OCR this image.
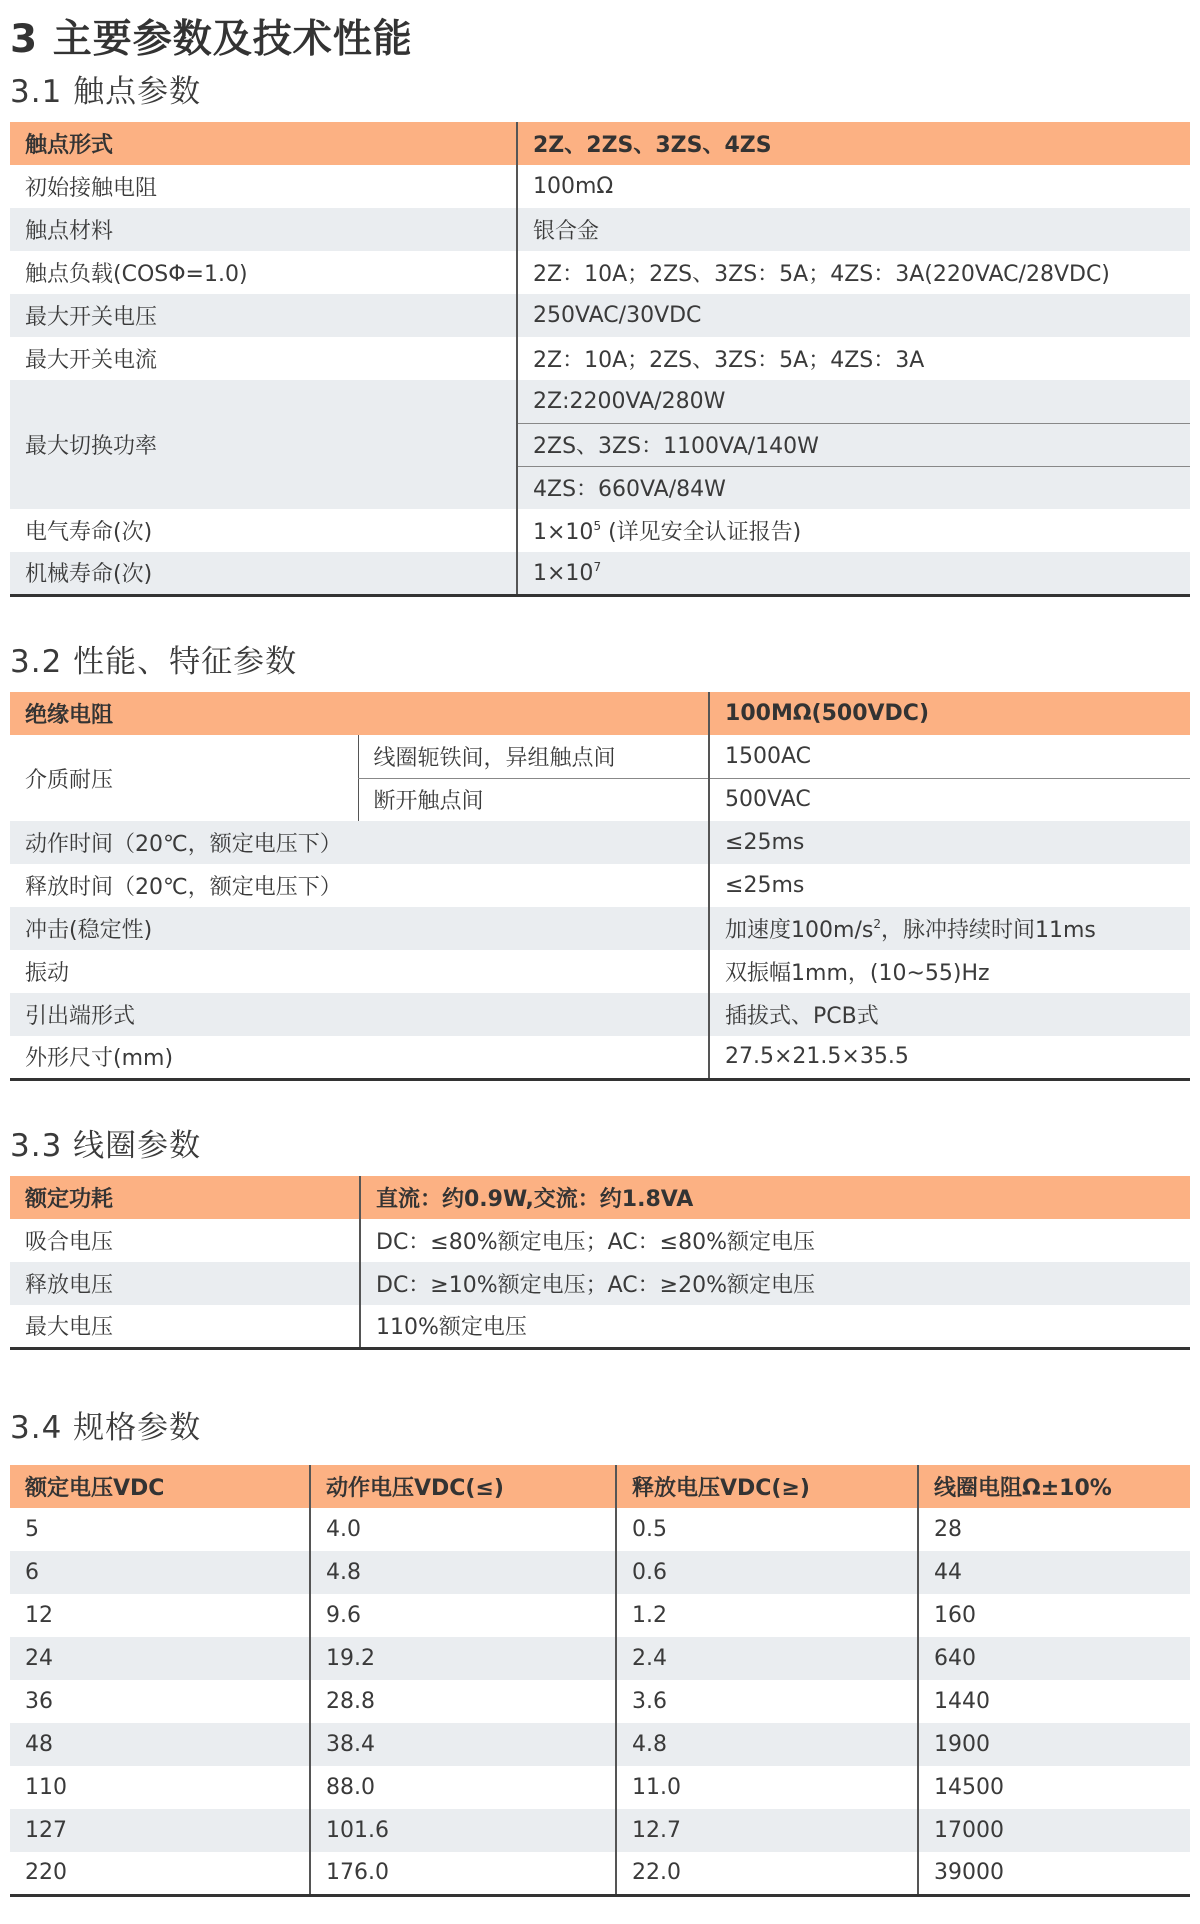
3 主要参数及技术性能
3.1 触点参数
触点形式	2Z、2ZS、3ZS、4ZS
初始接触电阻	100mΩ
触点材料	银合金
触点负载(COSΦ=1.0)	2Z：10A；2ZS、3ZS：5A；4ZS：3A(220VAC/28VDC)
最大开关电压	250VAC/30VDC
最大开关电流	2Z：10A；2ZS、3ZS：5A；4ZS：3A
最大切换功率	2Z:2200VA/280W
	2ZS、3ZS：1100VA/140W
	4ZS：660VA/84W
电气寿命(次)	$1\times 10^5$ (详见安全认证报告)
机械寿命(次)	$1\times 10^7$
3.2 性能、特征参数
绝缘电阻		100MΩ(500VDC)
介质耐压	线圈轭铁间，异组触点间	1500AC
	断开触点间	500VAC
动作时间（20℃，额定电压下）		≤25ms
释放时间（20℃，额定电压下）		≤25ms
冲击(稳定性)		加速度$100m/s^2$，脉冲持续时间11ms
振动		双振幅1mm，(10~55)Hz
引出端形式		插拔式、PCB式
外形尺寸(mm)		27.5×21.5×35.5
3.3 线圈参数
额定功耗	直流：约0.9W,交流：约1.8VA
吸合电压	DC：≤80%额定电压；AC：≤80%额定电压
释放电压	DC：≥10%额定电压；AC：≥20%额定电压
最大电压	110%额定电压
3.4 规格参数
额定电压VDC	动作电压VDC(≤)	释放电压VDC(≥)	线圈电阻Ω±10%
5	4.0	0.5	28
6	4.8	0.6	44
12	9.6	1.2	160
24	19.2	2.4	640
36	28.8	3.6	1440
48	38.4	4.8	1900
110	88.0	11.0	14500
127	101.6	12.7	17000
220	176.0	22.0	39000
